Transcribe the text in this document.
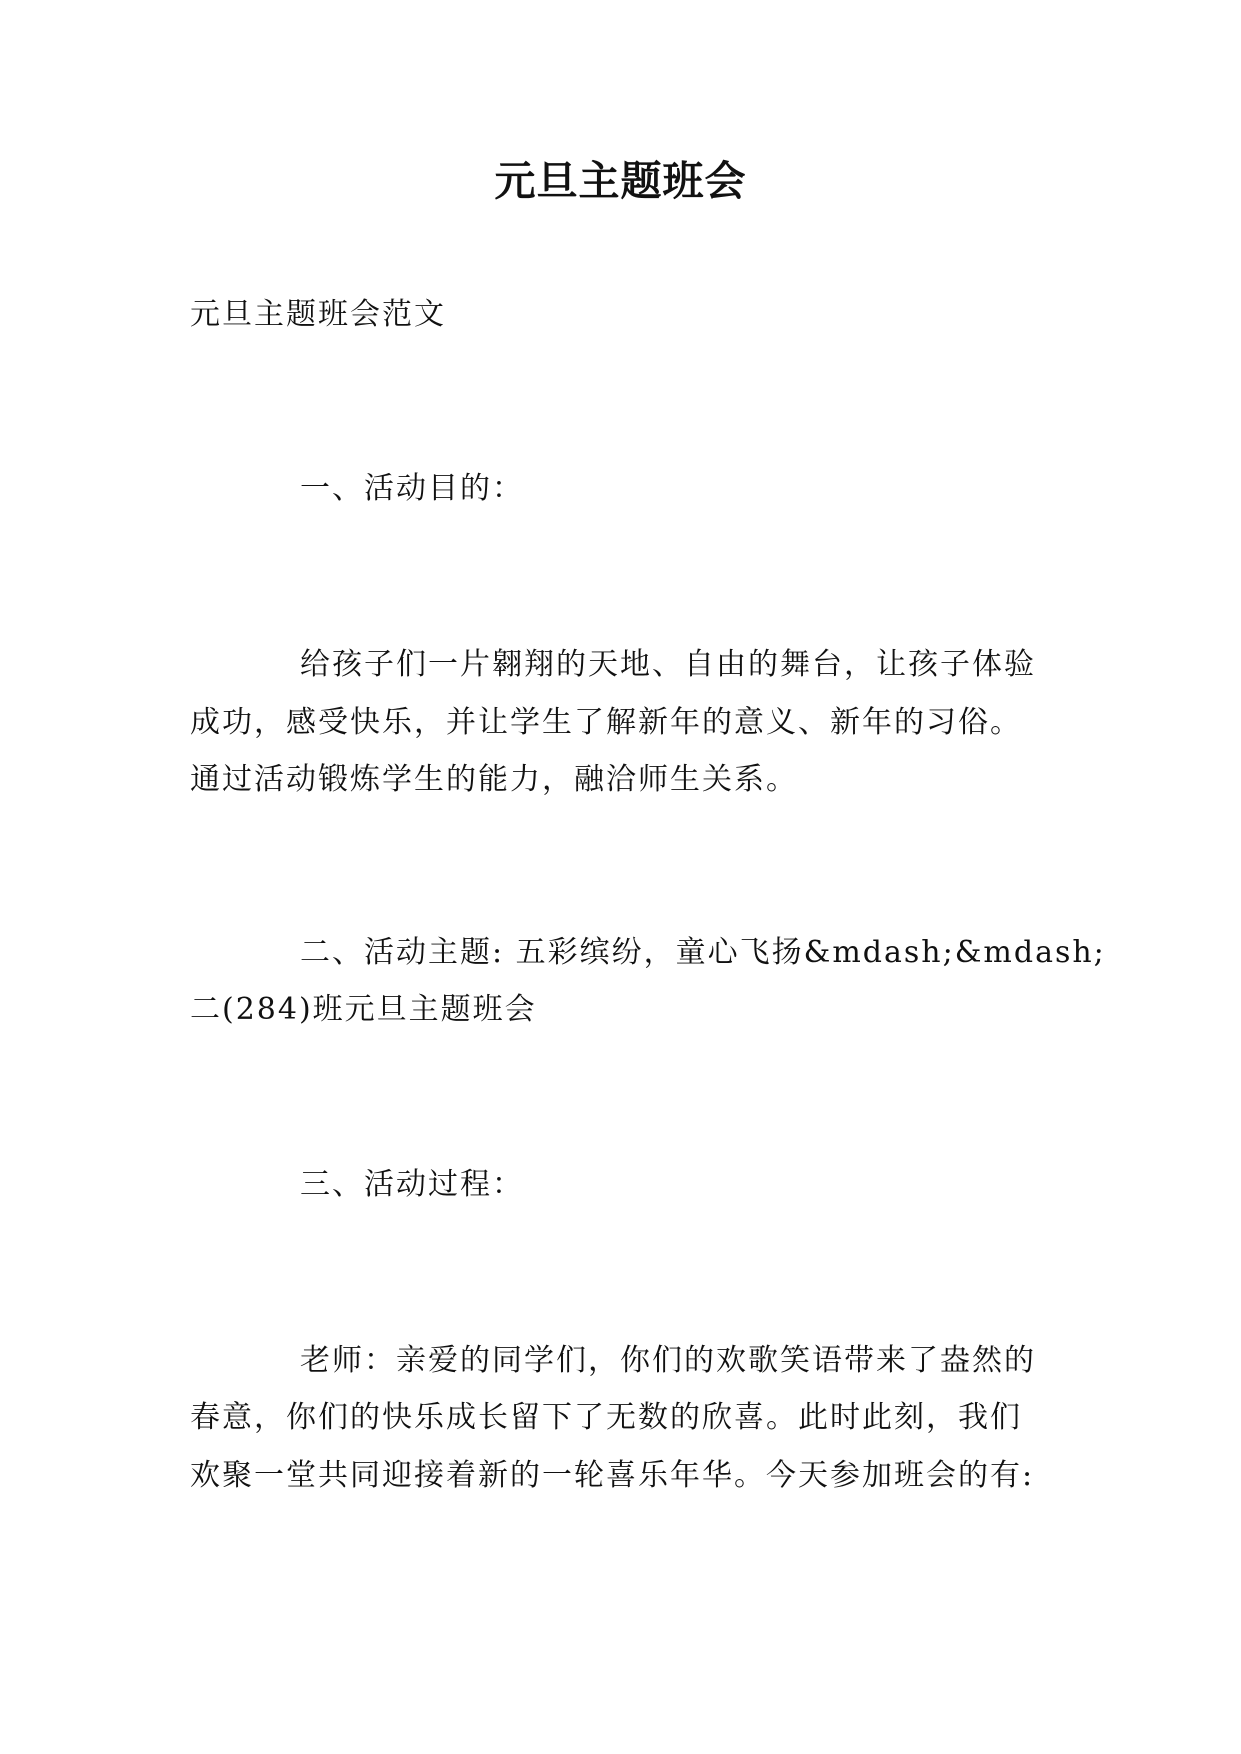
元旦主题班会
元旦主题班会范文
一、活动目的：
给孩子们一片翱翔的天地、自由的舞台，让孩子体验
成功，感受快乐，并让学生了解新年的意义、新年的习俗。
通过活动锻炼学生的能力，融洽师生关系。
二、活动主题: 五彩缤纷，童心飞扬&mdash;&mdash;
二(284)班元旦主题班会
三、活动过程：
老师：亲爱的同学们，你们的欢歌笑语带来了盎然的
春意，你们的快乐成长留下了无数的欣喜。此时此刻，我们
欢聚一堂共同迎接着新的一轮喜乐年华。今天参加班会的有:
